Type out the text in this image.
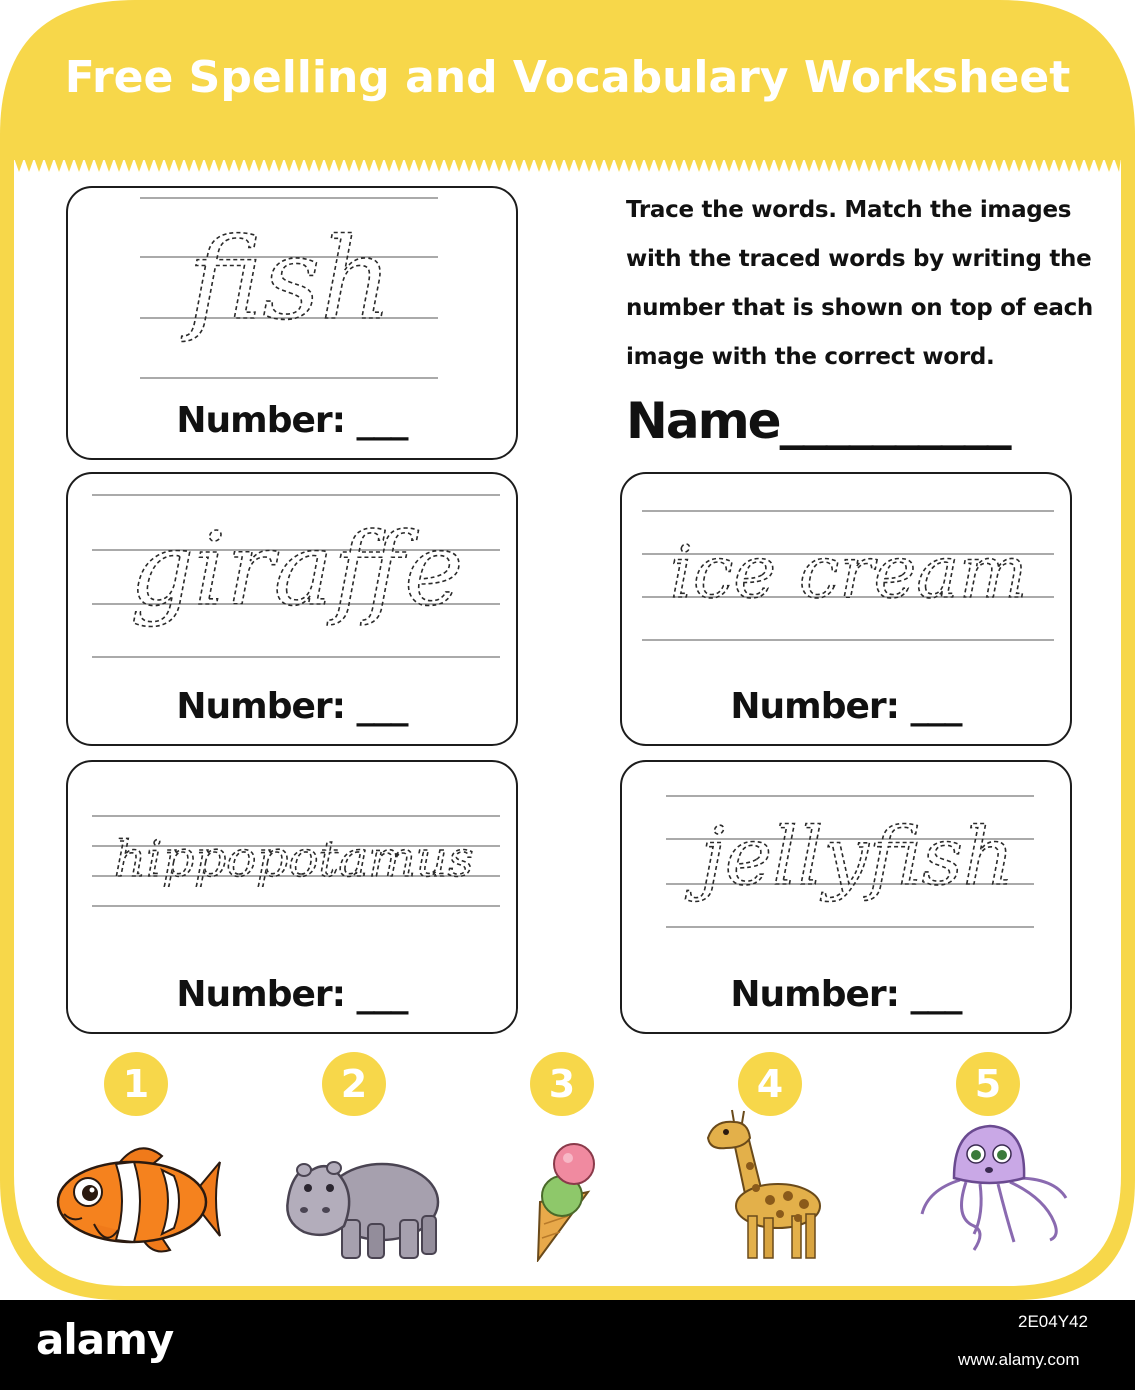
Free Spelling and Vocabulary Worksheet
fish
Number: ___
giraffe
Number: ___
hippopotamus
Number: ___
Trace the words. Match the images with the traced words by writing the number that is shown on top of each image with the correct word.
Name__________
ice cream
Number: ___
jellyfish
Number: ___
1	2	3	4	5
alamy	2E04Y42
www.alamy.com
